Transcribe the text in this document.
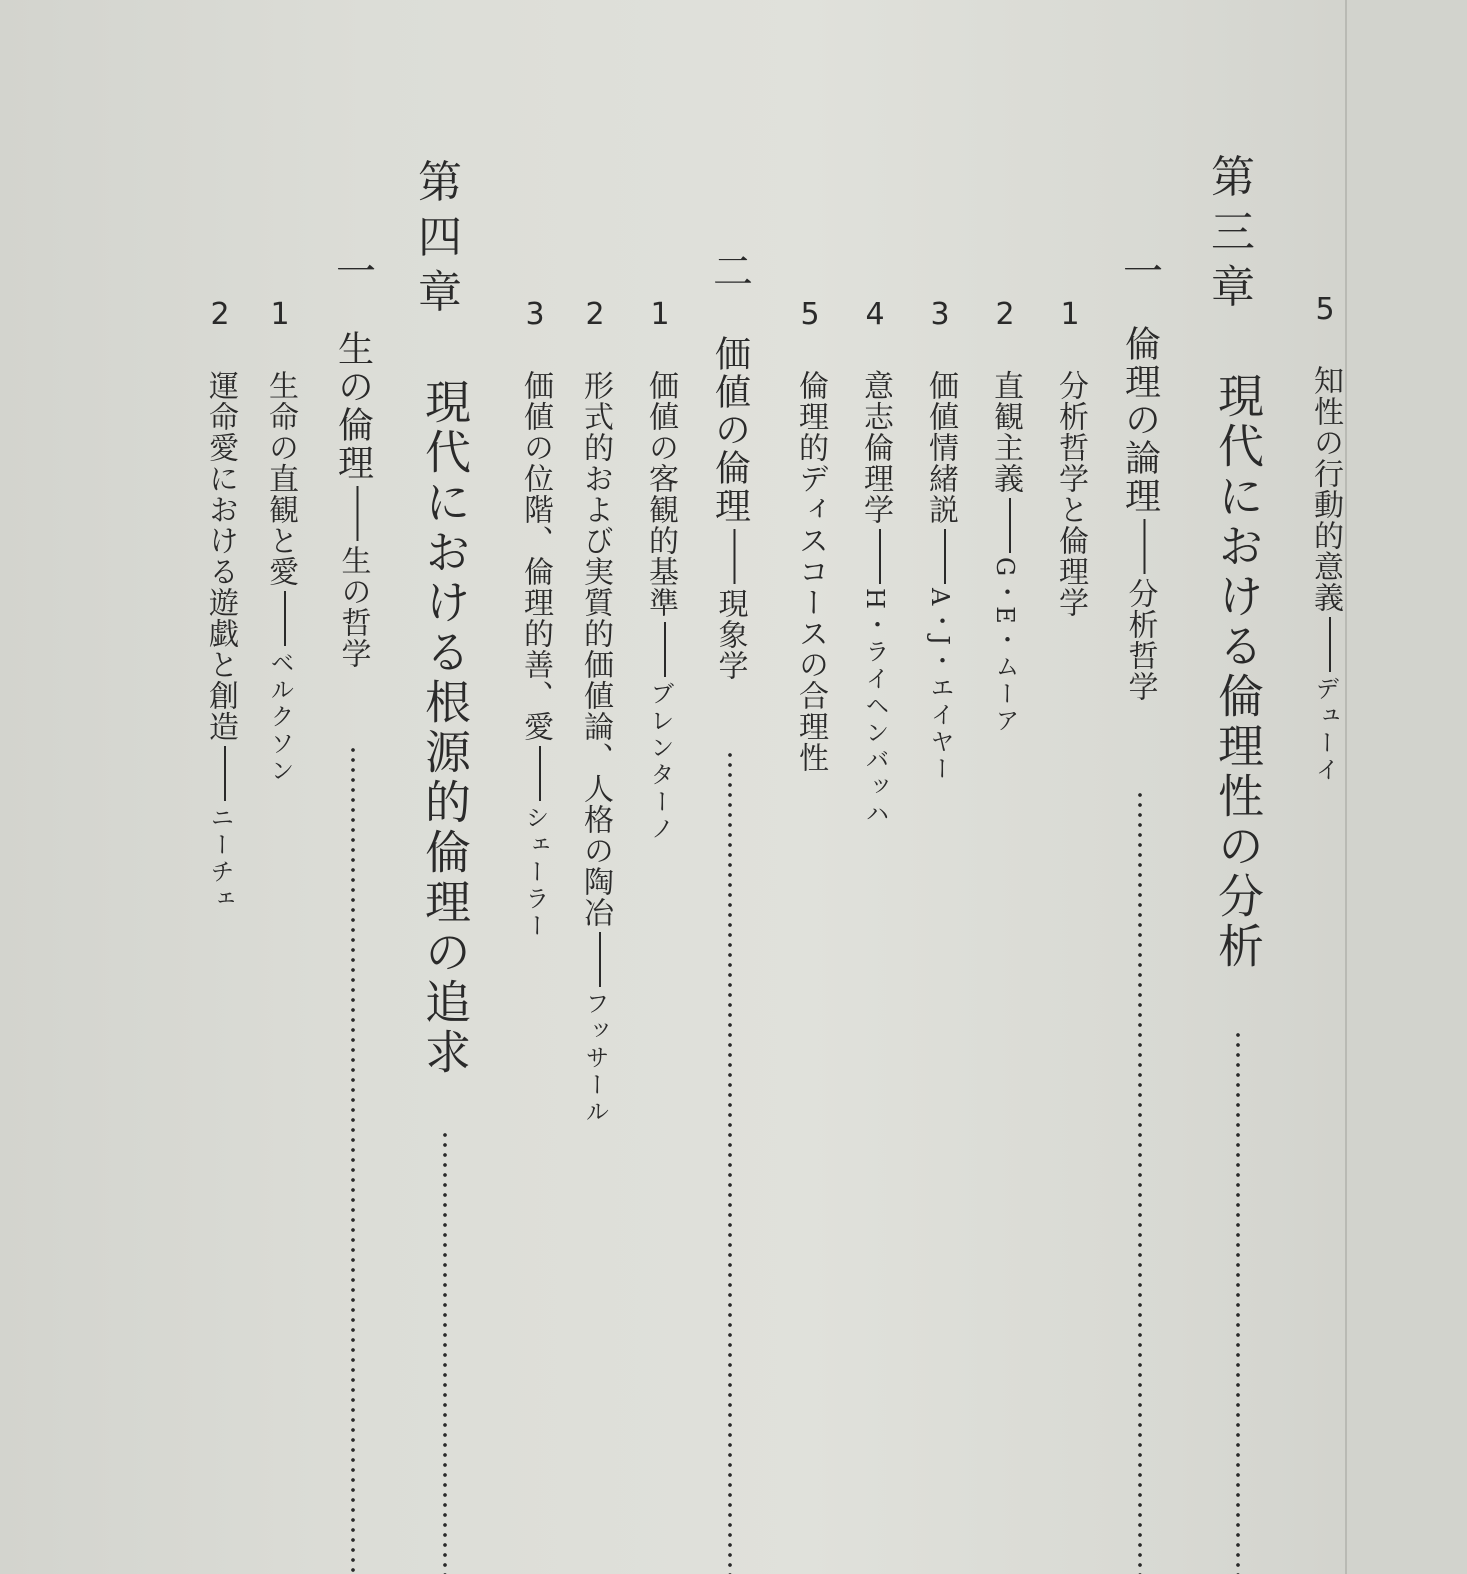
5
知性の行動的意義デューイ
第三章
現代における倫理性の分析
一
倫理の論理分析哲学
1
分析哲学と倫理学
2
直観主義G・E・ムーア
3
価値情緒説A・J・エイヤー
4
意志倫理学H・ライヘンバッハ
5
倫理的ディスコースの合理性
二
価値の倫理現象学
1
価値の客観的基準ブレンターノ
2
形式的および実質的価値論、人格の陶冶フッサール
3
価値の位階、倫理的善、愛シェーラー
第四章
現代における根源的倫理の追求
一
生の倫理生の哲学
1
生命の直観と愛ベルクソン
2
運命愛における遊戯と創造ニーチェ
